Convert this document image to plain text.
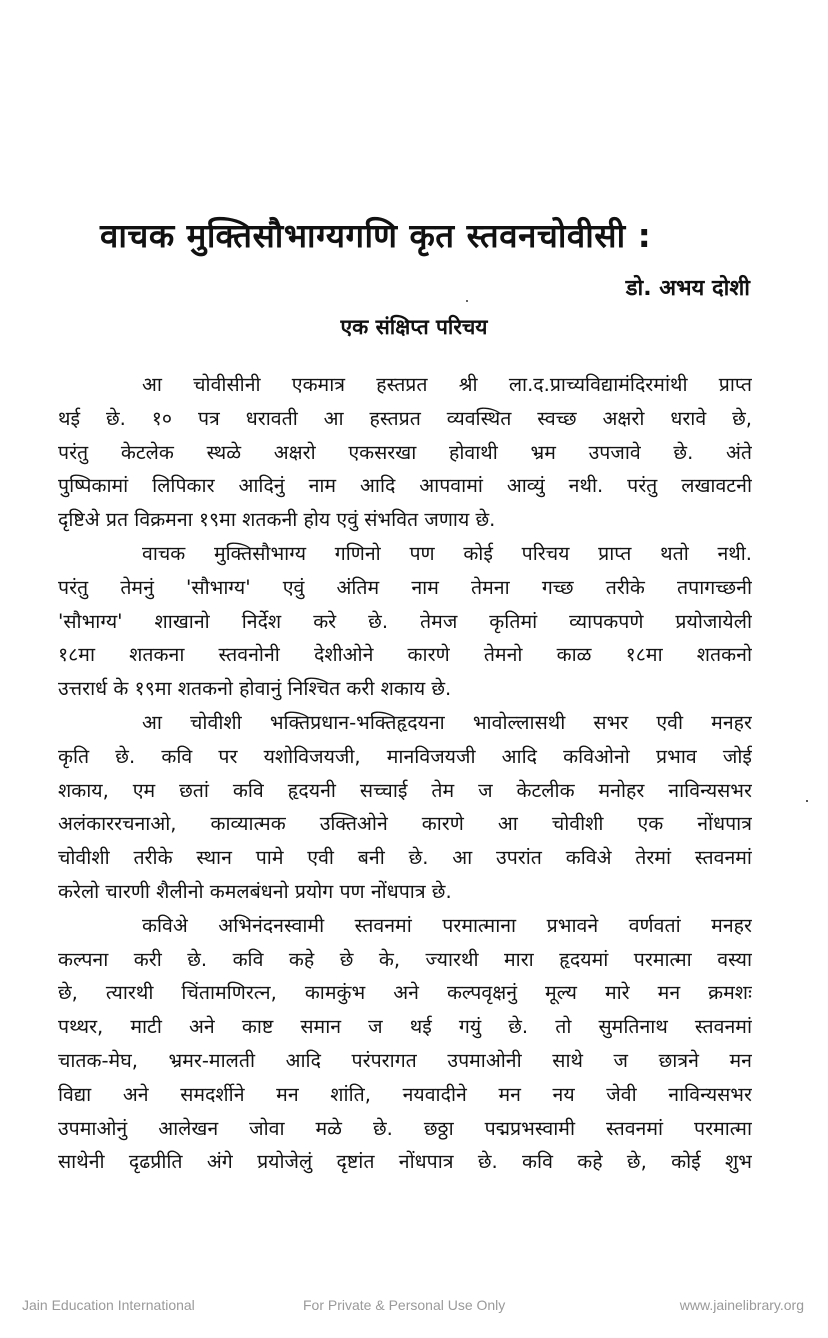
वाचक मुक्तिसौभाग्यगणि कृत स्तवनचोवीसी :
डो. अभय दोशी
एक संक्षिप्त परिचय
आ चोवीसीनी एकमात्र हस्तप्रत श्री ला.द.प्राच्यविद्यामंदिरमांथी प्राप्त
थई छे. १० पत्र धरावती आ हस्तप्रत व्यवस्थित स्वच्छ अक्षरो धरावे छे,
परंतु केटलेक स्थळे अक्षरो एकसरखा होवाथी भ्रम उपजावे छे. अंते
पुष्पिकामां लिपिकार आदिनुं नाम आदि आपवामां आव्युं नथी. परंतु लखावटनी
दृष्टिअे प्रत विक्रमना १९मा शतकनी होय एवुं संभवित जणाय छे.
वाचक मुक्तिसौभाग्य गणिनो पण कोई परिचय प्राप्त थतो नथी.
परंतु तेमनुं 'सौभाग्य' एवुं अंतिम नाम तेमना गच्छ तरीके तपागच्छनी
'सौभाग्य' शाखानो निर्देश करे छे. तेमज कृतिमां व्यापकपणे प्रयोजायेली
१८मा शतकना स्तवनोनी देशीओने कारणे तेमनो काळ १८मा शतकनो
उत्तरार्ध के १९मा शतकनो होवानुं निश्चित करी शकाय छे.
आ चोवीशी भक्तिप्रधान-भक्तिहृदयना भावोल्लासथी सभर एवी मनहर
कृति छे. कवि पर यशोविजयजी, मानविजयजी आदि कविओनो प्रभाव जोई
शकाय, एम छतां कवि हृदयनी सच्चाई तेम ज केटलीक मनोहर नाविन्यसभर
अलंकाररचनाओ, काव्यात्मक उक्तिओने कारणे आ चोवीशी एक नोंधपात्र
चोवीशी तरीके स्थान पामे एवी बनी छे. आ उपरांत कविअे तेरमां स्तवनमां
करेलो चारणी शैलीनो कमलबंधनो प्रयोग पण नोंधपात्र छे.
कविअे अभिनंदनस्वामी स्तवनमां परमात्माना प्रभावने वर्णवतां मनहर
कल्पना करी छे. कवि कहे छे के, ज्यारथी मारा हृदयमां परमात्मा वस्या
छे, त्यारथी चिंतामणिरत्न, कामकुंभ अने कल्पवृक्षनुं मूल्य मारे मन क्रमशः
पथ्थर, माटी अने काष्ट समान ज थई गयुं छे. तो सुमतिनाथ स्तवनमां
चातक-मेघ, भ्रमर-मालती आदि परंपरागत उपमाओनी साथे ज छात्रने मन
विद्या अने समदर्शीने मन शांति, नयवादीने मन नय जेवी नाविन्यसभर
उपमाओनुं आलेखन जोवा मळे छे. छठ्ठा पद्मप्रभस्वामी स्तवनमां परमात्मा
साथेनी दृढप्रीति अंगे प्रयोजेलुं दृष्टांत नोंधपात्र छे. कवि कहे छे, कोई शुभ
Jain Education International	For Private & Personal Use Only	www.jainelibrary.org
